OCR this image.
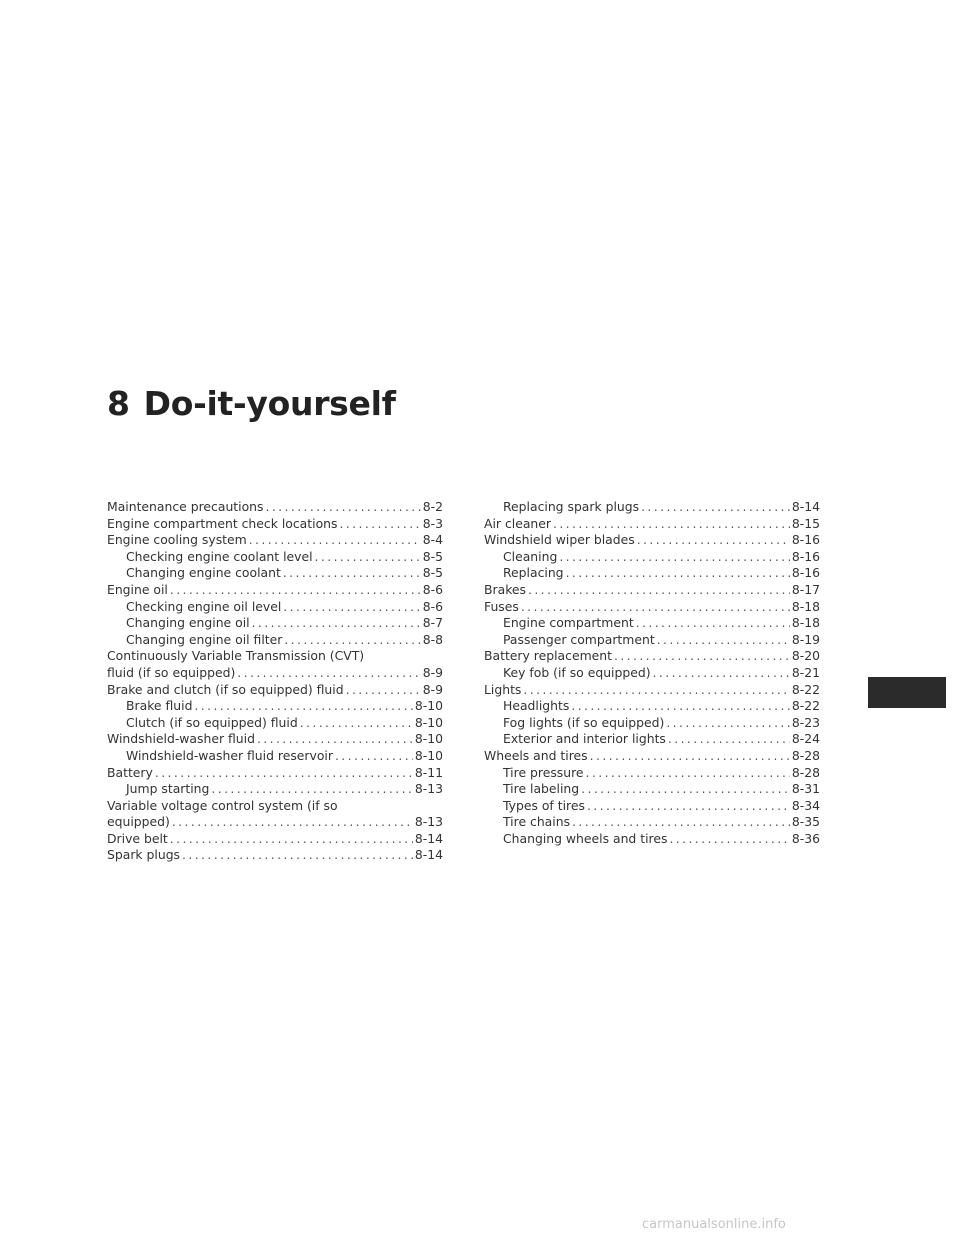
8 Do-it-yourself
Maintenance precautions .....	8-2
Engine compartment check locations .....	8-3
Engine cooling system .....	8-4
Checking engine coolant level .....	8-5
Changing engine coolant .....	8-5
Engine oil .....	8-6
Checking engine oil level .....	8-6
Changing engine oil .....	8-7
Changing engine oil filter .....	8-8
Continuously Variable Transmission (CVT)
fluid (if so equipped) .....	8-9
Brake and clutch (if so equipped) fluid .....	8-9
Brake fluid .....	8-10
Clutch (if so equipped) fluid .....	8-10
Windshield-washer fluid .....	8-10
Windshield-washer fluid reservoir .....	8-10
Battery .....	8-11
Jump starting .....	8-13
Variable voltage control system (if so
equipped) .....	8-13
Drive belt .....	8-14
Spark plugs .....	8-14
Replacing spark plugs .....	8-14
Air cleaner .....	8-15
Windshield wiper blades .....	8-16
Cleaning .....	8-16
Replacing .....	8-16
Brakes .....	8-17
Fuses .....	8-18
Engine compartment .....	8-18
Passenger compartment .....	8-19
Battery replacement .....	8-20
Key fob (if so equipped) .....	8-21
Lights .....	8-22
Headlights .....	8-22
Fog lights (if so equipped) .....	8-23
Exterior and interior lights .....	8-24
Wheels and tires .....	8-28
Tire pressure .....	8-28
Tire labeling .....	8-31
Types of tires .....	8-34
Tire chains .....	8-35
Changing wheels and tires .....	8-36
carmanualsonline.info
